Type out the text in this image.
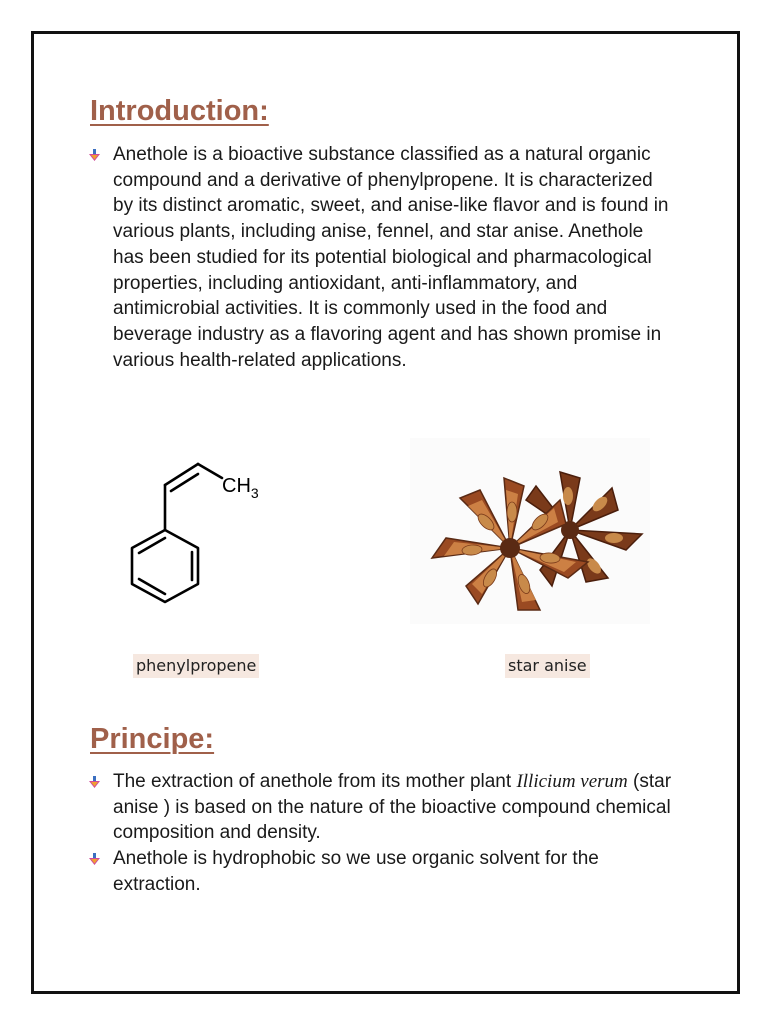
Introduction:
Anethole is a bioactive substance classified as a natural organic compound and a derivative of phenylpropene. It is characterized by its distinct aromatic, sweet, and anise-like flavor and is found in various plants, including anise, fennel, and star anise. Anethole has been studied for its potential biological and pharmacological properties, including antioxidant, anti-inflammatory, and antimicrobial activities. It is commonly used in the food and beverage industry as a flavoring agent and has shown promise in various health-related applications.
$CH_3$
phenylpropene	star anise
Principe:
The extraction of anethole from its mother plant Illicium verum (star anise ) is based on the nature of the bioactive compound chemical composition and density.
Anethole is hydrophobic so we use organic solvent for the extraction.
